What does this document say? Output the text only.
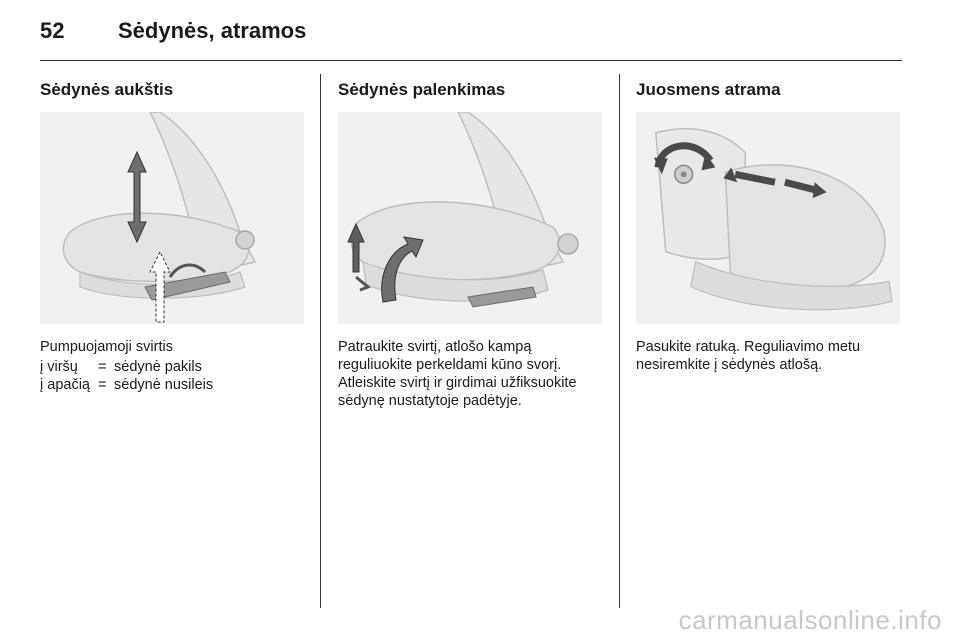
52 Sėdynės, atramos
Sėdynės aukštis
Pumpuojamoji svirtis
į viršų	= sėdynė pakils
į apačią = sėdynė nusileis
Sėdynės palenkimas
Patraukite svirtį, atlošo kampą reguliuokite perkeldami kūno svorį. Atleiskite svirtį ir girdimai užfiksuokite sėdynę nustatytoje padėtyje.
Juosmens atrama
Pasukite ratuką. Reguliavimo metu nesiremkite į sėdynės atlošą.
carmanualsonline.info
